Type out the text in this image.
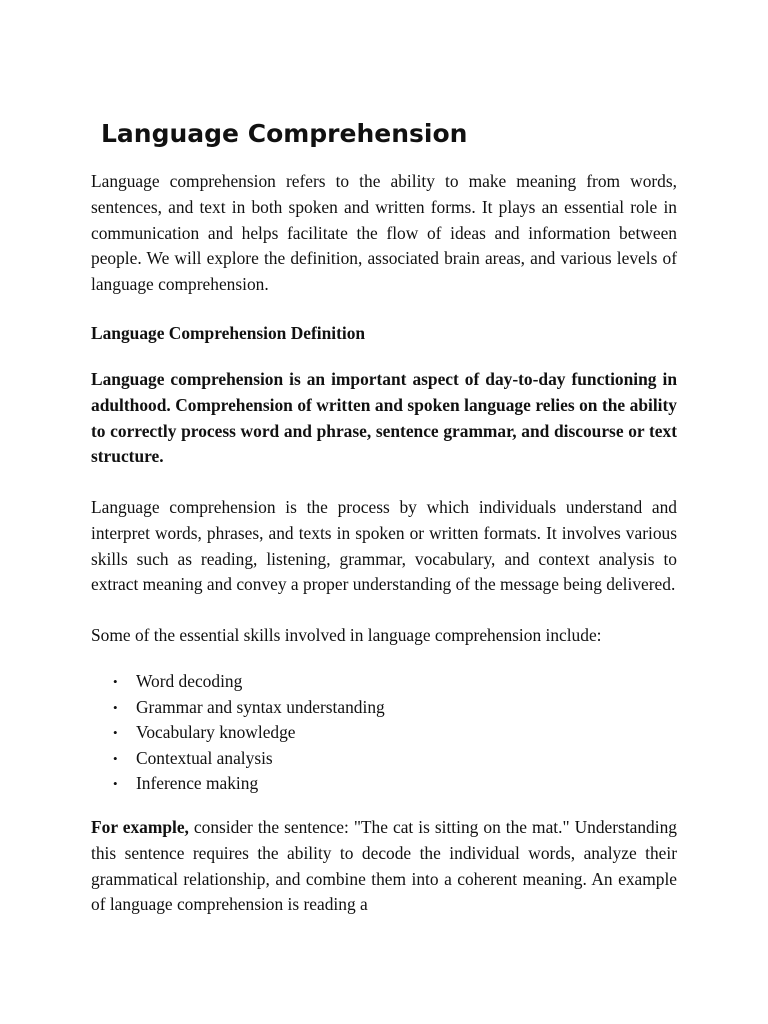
Language Comprehension

Language comprehension refers to the ability to make meaning from words, sentences, and text in both spoken and written forms. It plays an essential role in communication and helps facilitate the flow of ideas and information between people. We will explore the definition, associated brain areas, and various levels of language comprehension.

Language Comprehension Definition

Language comprehension is an important aspect of day-to-day functioning in adulthood. Comprehension of written and spoken language relies on the ability to correctly process word and phrase, sentence grammar, and discourse or text structure.

Language comprehension is the process by which individuals understand and interpret words, phrases, and texts in spoken or written formats. It involves various skills such as reading, listening, grammar, vocabulary, and context analysis to extract meaning and convey a proper understanding of the message being delivered.

Some of the essential skills involved in language comprehension include:

• Word decoding
• Grammar and syntax understanding
• Vocabulary knowledge
• Contextual analysis
• Inference making

For example, consider the sentence: "The cat is sitting on the mat." Understanding this sentence requires the ability to decode the individual words, analyze their grammatical relationship, and combine them into a coherent meaning. An example of language comprehension is reading a
